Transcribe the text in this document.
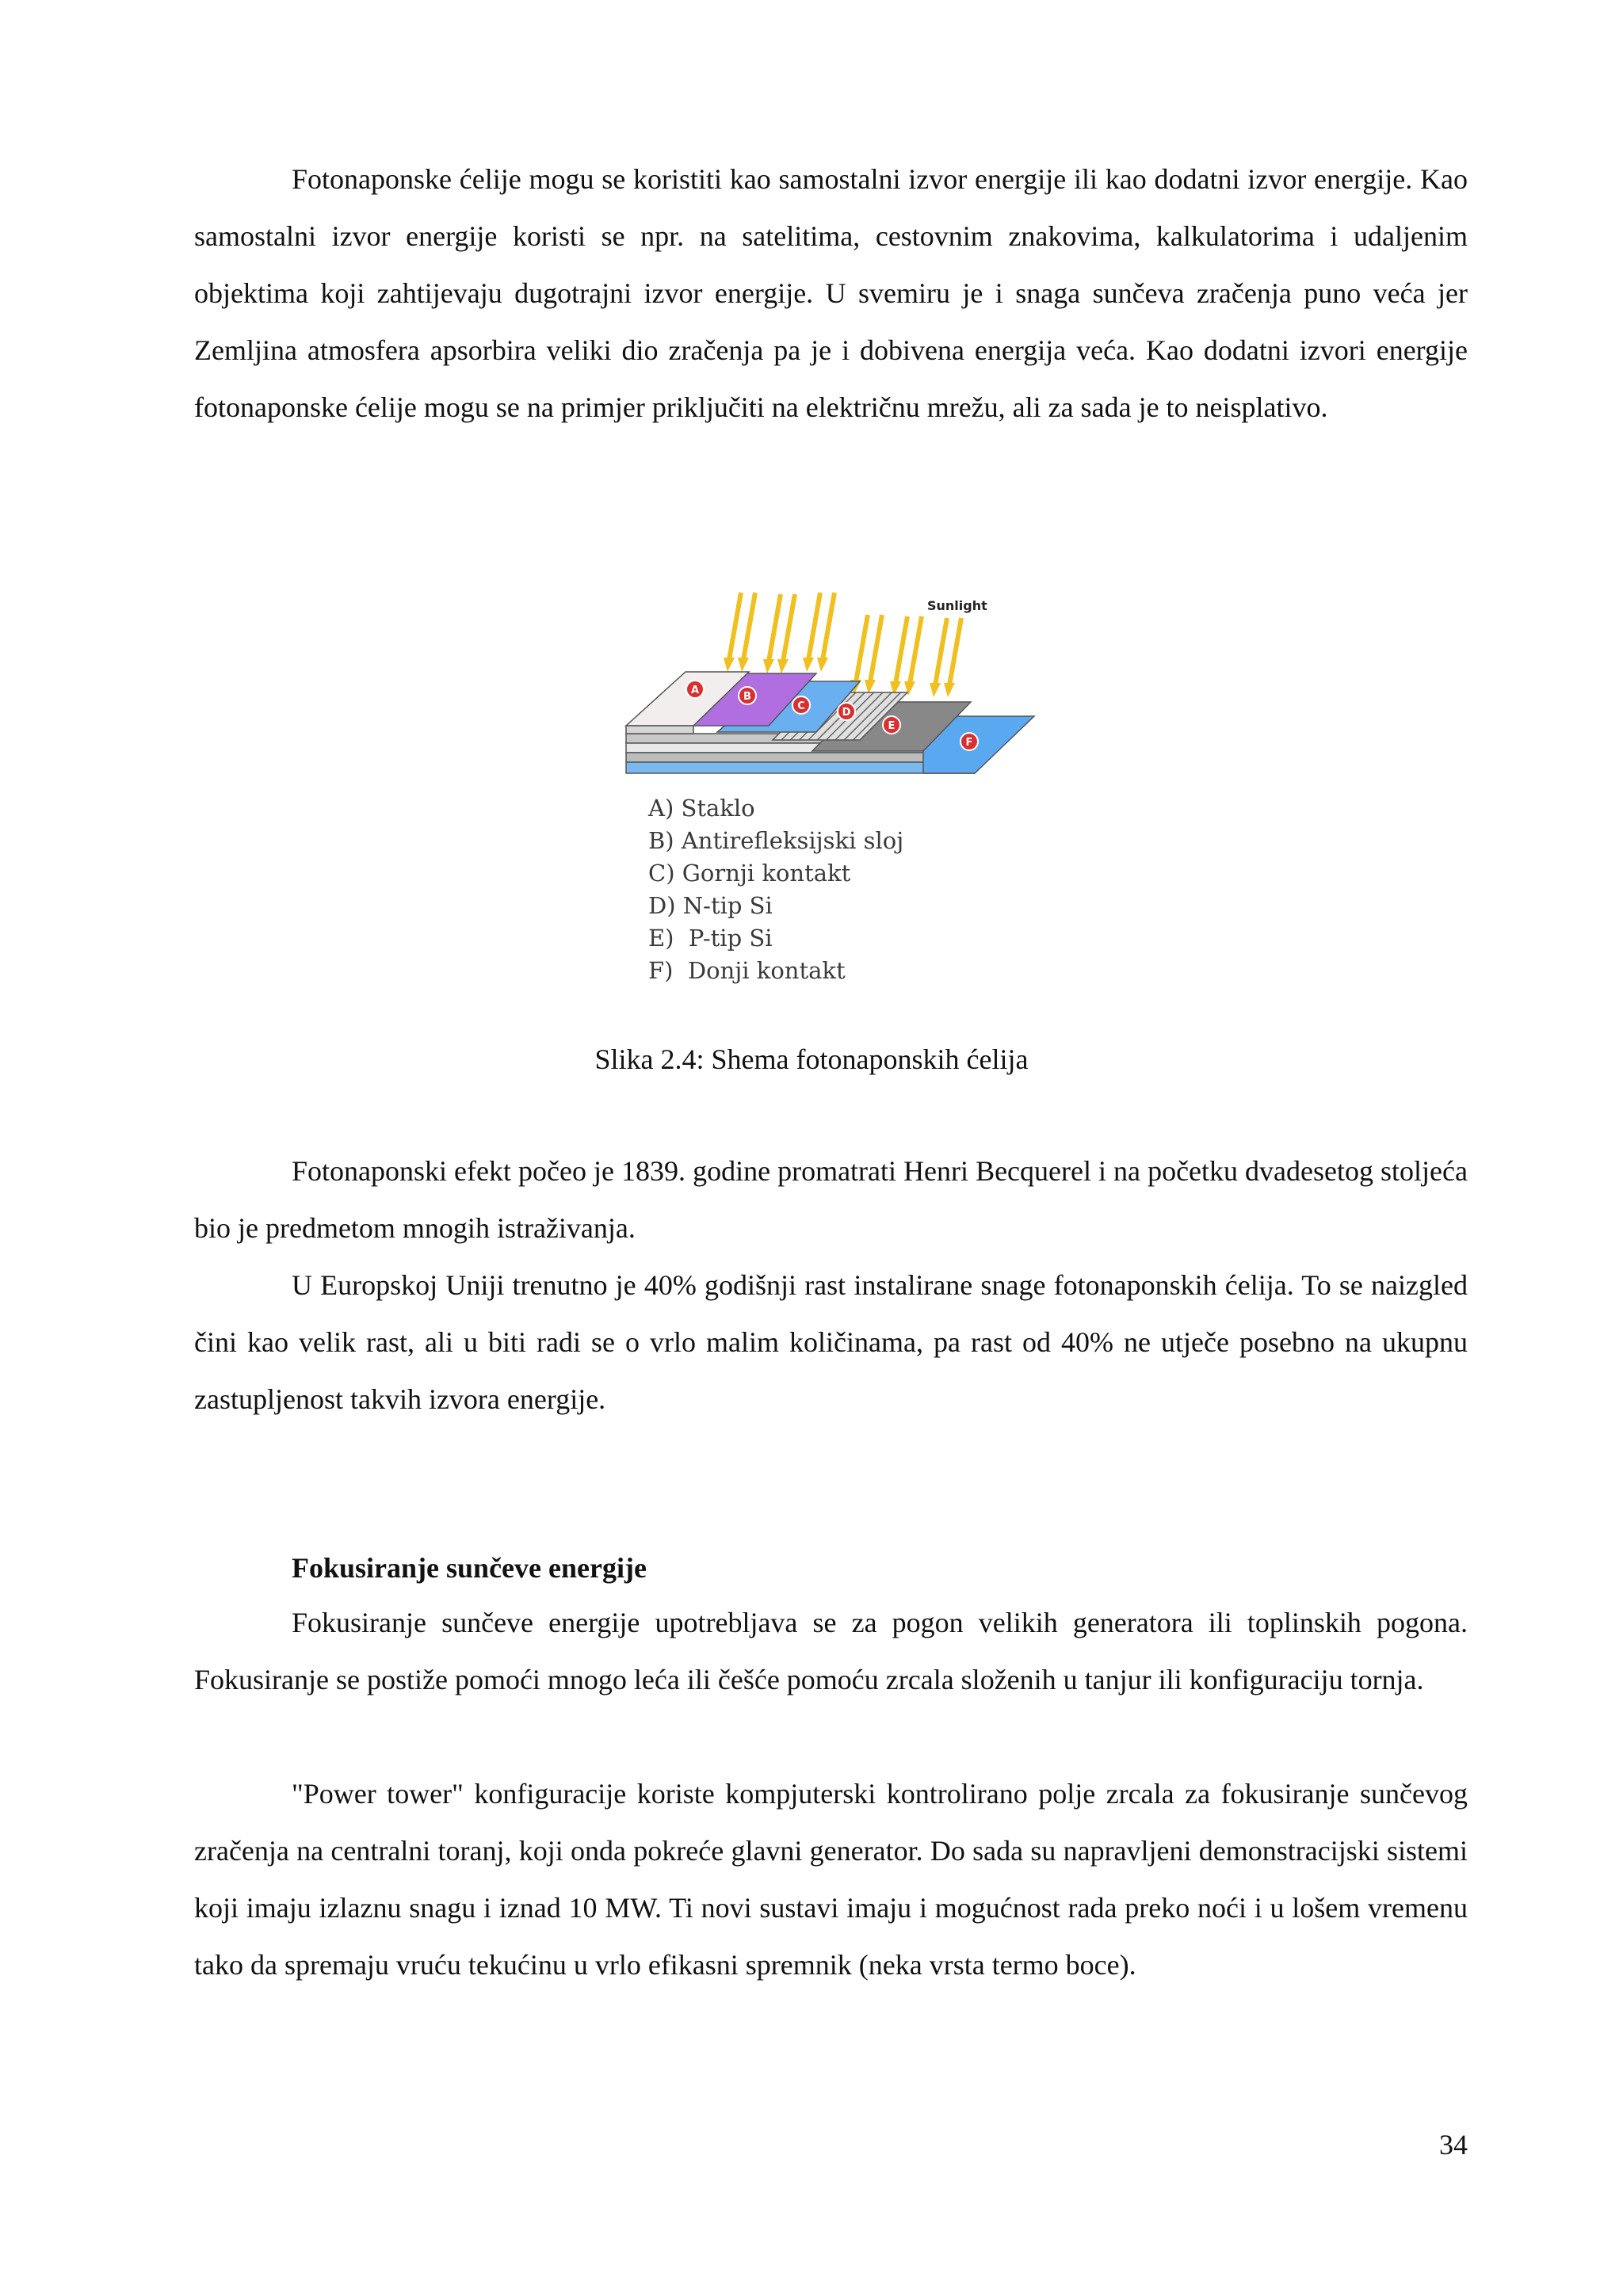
Fotonaponske ćelije mogu se koristiti kao samostalni izvor energije ili kao dodatni izvor energije. Kao samostalni izvor energije koristi se npr. na satelitima, cestovnim znakovima, kalkulatorima i udaljenim objektima koji zahtijevaju dugotrajni izvor energije. U svemiru je i snaga sunčeva zračenja puno veća jer Zemljina atmosfera apsorbira veliki dio zračenja pa je i dobivena energija veća. Kao dodatni izvori energije fotonaponske ćelije mogu se na primjer priključiti na električnu mrežu, ali za sada je to neisplativo.

Sunlight
A
B
C
D
E
F
A) Staklo
B) Antirefleksijski sloj
C) Gornji kontakt
D) N-tip Si
E)  P-tip Si
F)  Donji kontakt
Slika 2.4: Shema fotonaponskih ćelija

Fotonaponski efekt počeo je 1839. godine promatrati Henri Becquerel i na početku dvadesetog stoljeća bio je predmetom mnogih istraživanja.

U Europskoj Uniji trenutno je 40% godišnji rast instalirane snage fotonaponskih ćelija. To se naizgled čini kao velik rast, ali u biti radi se o vrlo malim količinama, pa rast od 40% ne utječe posebno na ukupnu zastupljenost takvih izvora energije.

Fokusiranje sunčeve energije

Fokusiranje sunčeve energije upotrebljava se za pogon velikih generatora ili toplinskih pogona. Fokusiranje se postiže pomoći mnogo leća ili češće pomoću zrcala složenih u tanjur ili konfiguraciju tornja.

"Power tower" konfiguracije koriste kompjuterski kontrolirano polje zrcala za fokusiranje sunčevog zračenja na centralni toranj, koji onda pokreće glavni generator. Do sada su napravljeni demonstracijski sistemi koji imaju izlaznu snagu i iznad 10 MW. Ti novi sustavi imaju i mogućnost rada preko noći i u lošem vremenu tako da spremaju vruću tekućinu u vrlo efikasni spremnik (neka vrsta termo boce).

34
